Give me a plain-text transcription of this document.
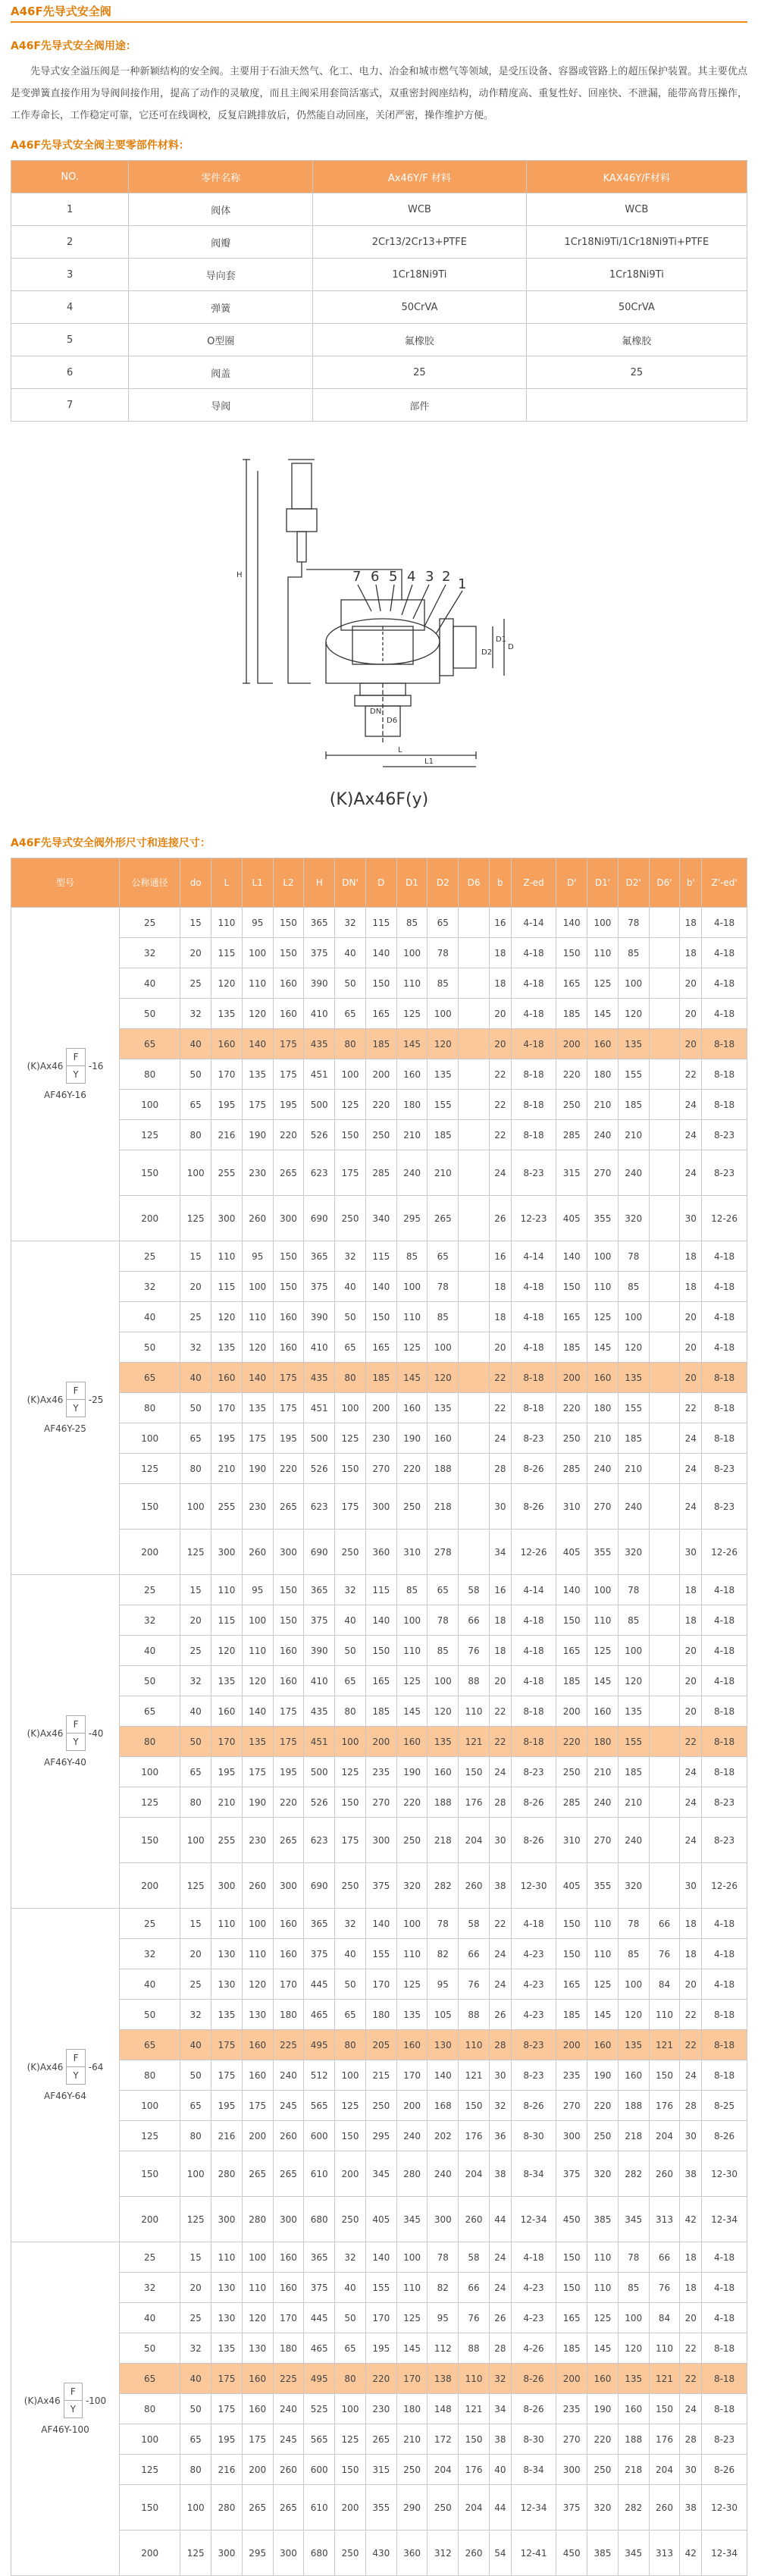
A46F先导式安全阀
A46F先导式安全阀用途：

先导式安全溢压阀是一种新颖结构的安全阀。主要用于石油天然气、化工、电力、冶金和城市燃气等领域，是受压设备、容器或管路上的超压保护装置。其主要优点是变弹簧直接作用为导阀间接作用，提高了动作的灵敏度，而且主阀采用套筒活塞式，双重密封阀座结构，动作精度高、重复性好、回座快、不泄漏，能带高背压操作，工作寿命长，工作稳定可靠，它还可在线调校，反复启跳排放后，仍然能自动回座，关闭严密，操作维护方便。

A46F先导式安全阀主要零部件材料：
NO.	零件名称	Ax46Y/F 材料	KAX46Y/F材料
1	阀体	WCB	WCB
2	阀瓣	2Cr13/2Cr13+PTFE	1Cr18Ni9Ti/1Cr18Ni9Ti+PTFE
3	导向套	1Cr18Ni9Ti	1Cr18Ni9Ti
4	弹簧	50CrVA	50CrVA
5	O型圈	氟橡胶	氟橡胶
6	阀盖	25	25
7	导阀	部件	
7 6 5 4 3 2 1
H
L1
L
D
D1
D2
D6
DN
(K)Ax46F(y)
A46F先导式安全阀外形尺寸和连接尺寸：
型号	公称通径	do	L	L1	L2	H	DN'	D	D1	D2	D6	b	Z-ed	D'	D1'	D2'	D6'	b'	Z'-ed'

(K)Ax46
F
Y
-16
AF46Y-16	25	15	110	95	150	365	32	115	85	65		16	4-14	140	100	78		18	4-18
	32	20	115	100	150	375	40	140	100	78		18	4-18	150	110	85		18	4-18
	40	25	120	110	160	390	50	150	110	85		18	4-18	165	125	100		20	4-18
	50	32	135	120	160	410	65	165	125	100		20	4-18	185	145	120		20	4-18
	65	40	160	140	175	435	80	185	145	120		20	4-18	200	160	135		20	8-18
	80	50	170	135	175	451	100	200	160	135		22	8-18	220	180	155		22	8-18
	100	65	195	175	195	500	125	220	180	155		22	8-18	250	210	185		24	8-18
	125	80	216	190	220	526	150	250	210	185		22	8-18	285	240	210		24	8-23
	150	100	255	230	265	623	175	285	240	210		24	8-23	315	270	240		24	8-23
	200	125	300	260	300	690	250	340	295	265		26	12-23	405	355	320		30	12-26

(K)Ax46
F
Y
-25
AF46Y-25	25	15	110	95	150	365	32	115	85	65		16	4-14	140	100	78		18	4-18
	32	20	115	100	150	375	40	140	100	78		18	4-18	150	110	85		18	4-18
	40	25	120	110	160	390	50	150	110	85		18	4-18	165	125	100		20	4-18
	50	32	135	120	160	410	65	165	125	100		20	4-18	185	145	120		20	4-18
	65	40	160	140	175	435	80	185	145	120		22	8-18	200	160	135		20	8-18
	80	50	170	135	175	451	100	200	160	135		22	8-18	220	180	155		22	8-18
	100	65	195	175	195	500	125	230	190	160		24	8-23	250	210	185		24	8-18
	125	80	210	190	220	526	150	270	220	188		28	8-26	285	240	210		24	8-23
	150	100	255	230	265	623	175	300	250	218		30	8-26	310	270	240		24	8-23
	200	125	300	260	300	690	250	360	310	278		34	12-26	405	355	320		30	12-26

(K)Ax46
F
Y
-40
AF46Y-40	25	15	110	95	150	365	32	115	85	65	58	16	4-14	140	100	78		18	4-18
	32	20	115	100	150	375	40	140	100	78	66	18	4-18	150	110	85		18	4-18
	40	25	120	110	160	390	50	150	110	85	76	18	4-18	165	125	100		20	4-18
	50	32	135	120	160	410	65	165	125	100	88	20	4-18	185	145	120		20	4-18
	65	40	160	140	175	435	80	185	145	120	110	22	8-18	200	160	135		20	8-18
	80	50	170	135	175	451	100	200	160	135	121	22	8-18	220	180	155		22	8-18
	100	65	195	175	195	500	125	235	190	160	150	24	8-23	250	210	185		24	8-18
	125	80	210	190	220	526	150	270	220	188	176	28	8-26	285	240	210		24	8-23
	150	100	255	230	265	623	175	300	250	218	204	30	8-26	310	270	240		24	8-23
	200	125	300	260	300	690	250	375	320	282	260	38	12-30	405	355	320		30	12-26

(K)Ax46
F
Y
-64
AF46Y-64	25	15	110	100	160	365	32	140	100	78	58	22	4-18	150	110	78	66	18	4-18
	32	20	130	110	160	375	40	155	110	82	66	24	4-23	150	110	85	76	18	4-18
	40	25	130	120	170	445	50	170	125	95	76	24	4-23	165	125	100	84	20	4-18
	50	32	135	130	180	465	65	180	135	105	88	26	4-23	185	145	120	110	22	8-18
	65	40	175	160	225	495	80	205	160	130	110	28	8-23	200	160	135	121	22	8-18
	80	50	175	160	240	512	100	215	170	140	121	30	8-23	235	190	160	150	24	8-18
	100	65	195	175	245	565	125	250	200	168	150	32	8-26	270	220	188	176	28	8-25
	125	80	216	200	260	600	150	295	240	202	176	36	8-30	300	250	218	204	30	8-26
	150	100	280	265	265	610	200	345	280	240	204	38	8-34	375	320	282	260	38	12-30
	200	125	300	280	300	680	250	405	345	300	260	44	12-34	450	385	345	313	42	12-34

(K)Ax46
F
Y
-100
AF46Y-100	25	15	110	100	160	365	32	140	100	78	58	24	4-18	150	110	78	66	18	4-18
	32	20	130	110	160	375	40	155	110	82	66	24	4-23	150	110	85	76	18	4-18
	40	25	130	120	170	445	50	170	125	95	76	26	4-23	165	125	100	84	20	4-18
	50	32	135	130	180	465	65	195	145	112	88	28	4-26	185	145	120	110	22	8-18
	65	40	175	160	225	495	80	220	170	138	110	32	8-26	200	160	135	121	22	8-18
	80	50	175	160	240	525	100	230	180	148	121	34	8-26	235	190	160	150	24	8-18
	100	65	195	175	245	565	125	265	210	172	150	38	8-30	270	220	188	176	28	8-23
	125	80	216	200	260	600	150	315	250	204	176	40	8-34	300	250	218	204	30	8-26
	150	100	280	265	265	610	200	355	290	250	204	44	12-34	375	320	282	260	38	12-30
	200	125	300	295	300	680	250	430	360	312	260	54	12-41	450	385	345	313	42	12-34
